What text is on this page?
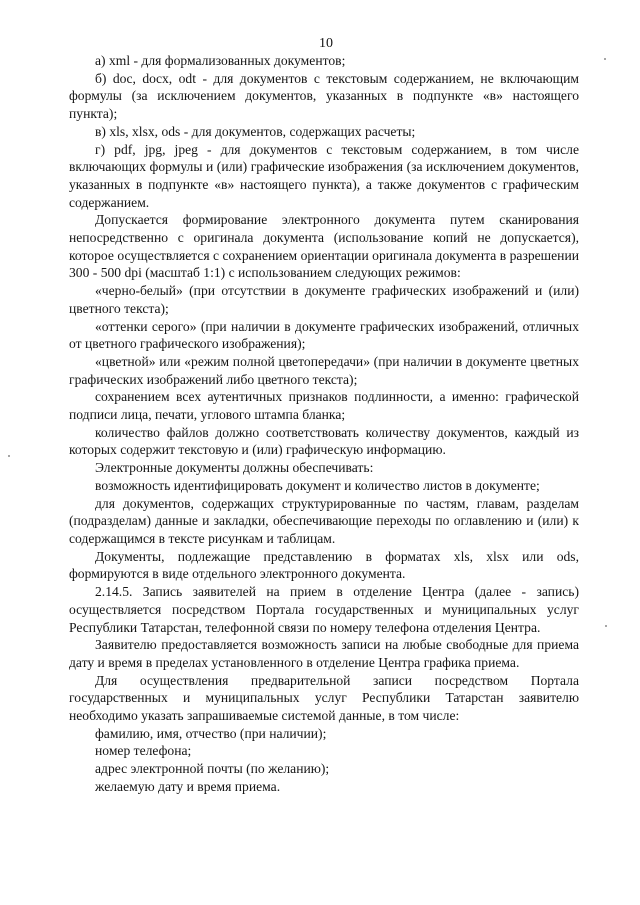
10

а) xml - для формализованных документов;

б) doc, docx, odt - для документов с текстовым содержанием, не включающим формулы (за исключением документов, указанных в подпункте «в» настоящего пункта);

в) xls, xlsx, ods - для документов, содержащих расчеты;

г) pdf, jpg, jpeg - для документов с текстовым содержанием, в том числе включающих формулы и (или) графические изображения (за исключением документов, указанных в подпункте «в» настоящего пункта), а также документов с графическим содержанием.

Допускается формирование электронного документа путем сканирования непосредственно с оригинала документа (использование копий не допускается), которое осуществляется с сохранением ориентации оригинала документа в разрешении 300 - 500 dpi (масштаб 1:1) с использованием следующих режимов:

«черно-белый» (при отсутствии в документе графических изображений и (или) цветного текста);

«оттенки серого» (при наличии в документе графических изображений, отличных от цветного графического изображения);

«цветной» или «режим полной цветопередачи» (при наличии в документе цветных графических изображений либо цветного текста);

сохранением всех аутентичных признаков подлинности, а именно: графической подписи лица, печати, углового штампа бланка;

количество файлов должно соответствовать количеству документов, каждый из которых содержит текстовую и (или) графическую информацию.

Электронные документы должны обеспечивать:

возможность идентифицировать документ и количество листов в документе;

для документов, содержащих структурированные по частям, главам, разделам (подразделам) данные и закладки, обеспечивающие переходы по оглавлению и (или) к содержащимся в тексте рисункам и таблицам.

Документы, подлежащие представлению в форматах xls, xlsx или ods, формируются в виде отдельного электронного документа.

2.14.5. Запись заявителей на прием в отделение Центра (далее - запись) осуществляется посредством Портала государственных и муниципальных услуг Республики Татарстан, телефонной связи по номеру телефона отделения Центра.

Заявителю предоставляется возможность записи на любые свободные для приема дату и время в пределах установленного в отделение Центра графика приема.

Для осуществления предварительной записи посредством Портала государственных и муниципальных услуг Республики Татарстан заявителю необходимо указать запрашиваемые системой данные, в том числе:

фамилию, имя, отчество (при наличии);

номер телефона;

адрес электронной почты (по желанию);

желаемую дату и время приема.
